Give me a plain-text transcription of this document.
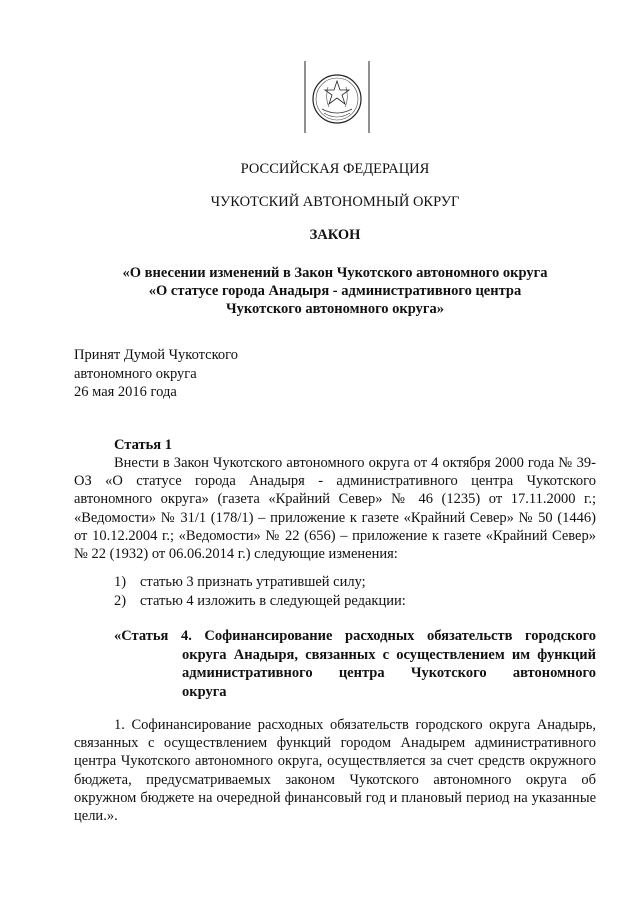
РОССИЙСКАЯ ФЕДЕРАЦИЯ
ЧУКОТСКИЙ АВТОНОМНЫЙ ОКРУГ
ЗАКОН
«О внесении изменений в Закон Чукотского автономного округа
«О статусе города Анадыря - административного центра
Чукотского автономного округа»
Принят Думой Чукотского
автономного округа
26 мая 2016 года
Статья 1

Внести в Закон Чукотского автономного округа от 4 октября 2000 года № 39-ОЗ «О статусе города Анадыря - административного центра Чукотского автономного округа» (газета «Крайний Север» № 46 (1235) от 17.11.2000 г.; «Ведомости» № 31/1 (178/1) – приложение к газете «Крайний Север» № 50 (1446) от 10.12.2004 г.; «Ведомости» № 22 (656) – приложение к газете «Крайний Север» № 22 (1932) от 06.06.2014 г.) следующие изменения:

1) статью 3 признать утратившей силу;
2) статью 4 изложить в следующей редакции:
«Статья 4. Софинансирование расходных обязательств городского
округа Анадыря, связанных с осуществлением им функций
административного центра Чукотского автономного
округа

1. Софинансирование расходных обязательств городского округа Анадырь, связанных с осуществлением функций городом Анадырем административного центра Чукотского автономного округа, осуществляется за счет средств окружного бюджета, предусматриваемых законом Чукотского автономного округа об окружном бюджете на очередной финансовый год и плановый период на указанные цели.».
